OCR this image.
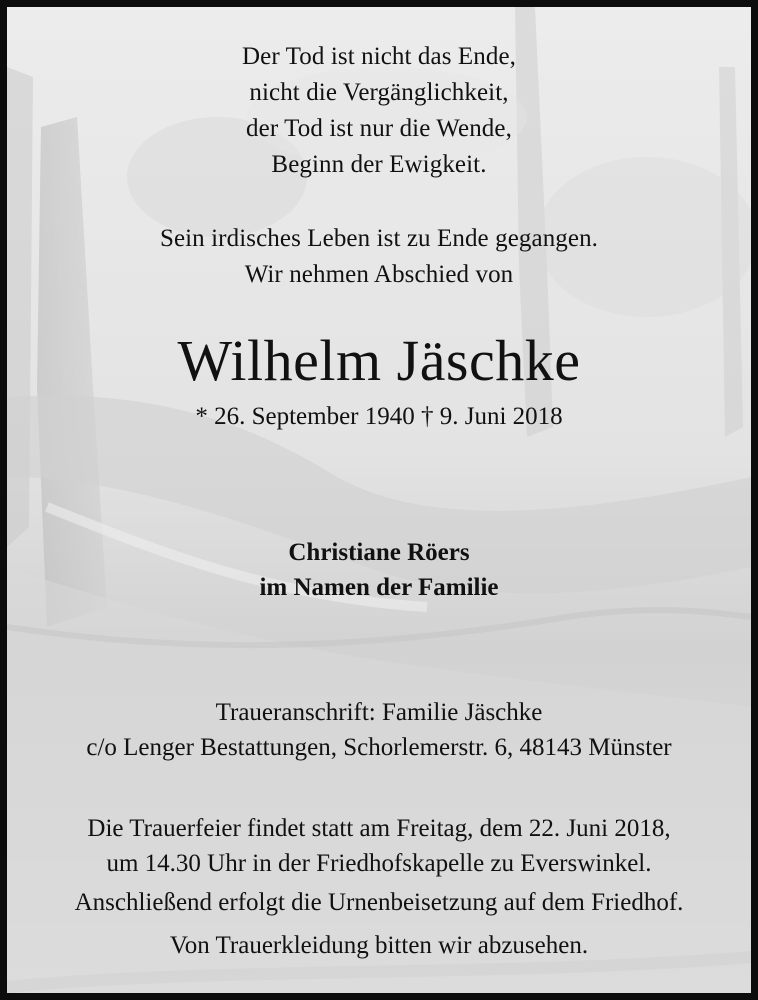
Der Tod ist nicht das Ende,
nicht die Vergänglichkeit,
der Tod ist nur die Wende,
Beginn der Ewigkeit.
Sein irdisches Leben ist zu Ende gegangen.
Wir nehmen Abschied von
Wilhelm Jäschke
* 26. September 1940 † 9. Juni 2018
Christiane Röers
im Namen der Familie
Traueranschrift: Familie Jäschke
c/o Lenger Bestattungen, Schorlemerstr. 6, 48143 Münster
Die Trauerfeier findet statt am Freitag, dem 22. Juni 2018,
um 14.30 Uhr in der Friedhofskapelle zu Everswinkel.
Anschließend erfolgt die Urnenbeisetzung auf dem Friedhof.
Von Trauerkleidung bitten wir abzusehen.
